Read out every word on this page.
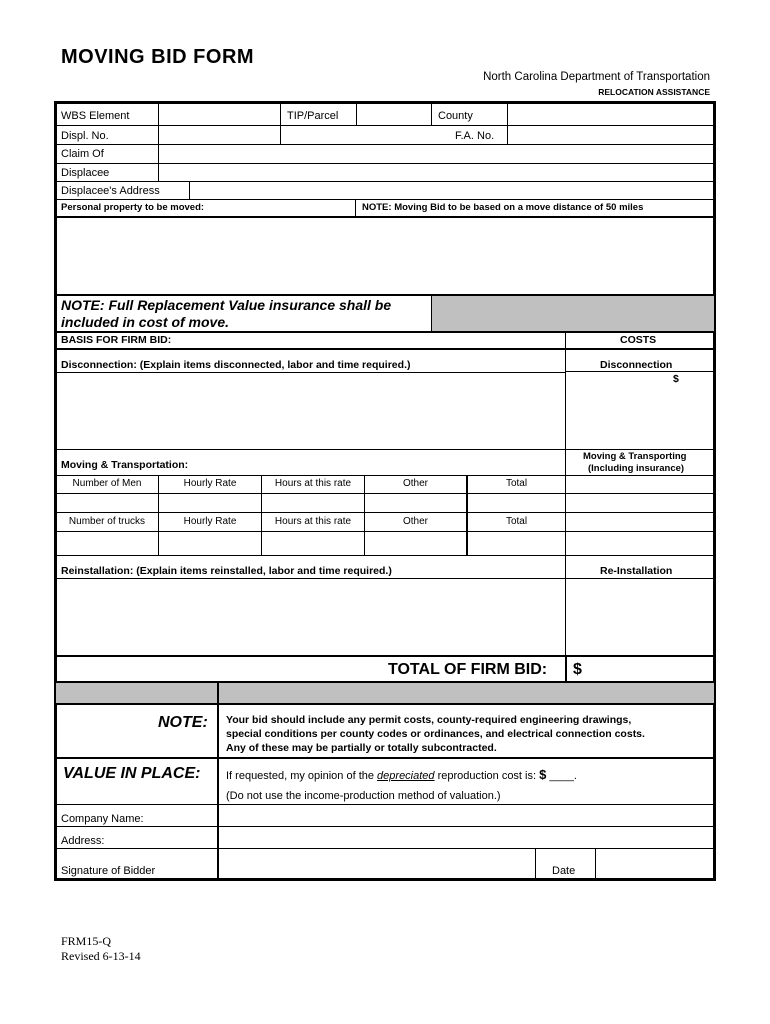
MOVING BID FORM
North Carolina Department of Transportation
RELOCATION ASSISTANCE
WBS Element	TIP/Parcel	County
Displ. No.	F.A. No.
Claim Of
Displacee
Displacee's Address
Personal property to be moved:	NOTE: Moving Bid to be based on a move distance of 50 miles
NOTE: Full Replacement Value insurance shall be included in cost of move.
BASIS FOR FIRM BID:	COSTS
Disconnection: (Explain items disconnected, labor and time required.)	Disconnection
$
Moving & Transportation:
Moving & Transporting
(Including insurance)
Number of Men	Hourly Rate	Hours at this rate	Other	Total
Number of trucks	Hourly Rate	Hours at this rate	Other	Total
Reinstallation: (Explain items reinstalled, labor and time required.)	Re-Installation
TOTAL OF FIRM BID: $
NOTE: Your bid should include any permit costs, county-required engineering drawings,
special conditions per county codes or ordinances, and electrical connection costs.
Any of these may be partially or totally subcontracted.
VALUE IN PLACE: If requested, my opinion of the depreciated reproduction cost is: $ ____.
(Do not use the income-production method of valuation.)
Company Name:
Address:
Signature of Bidder	Date
FRM15-Q
Revised 6-13-14
